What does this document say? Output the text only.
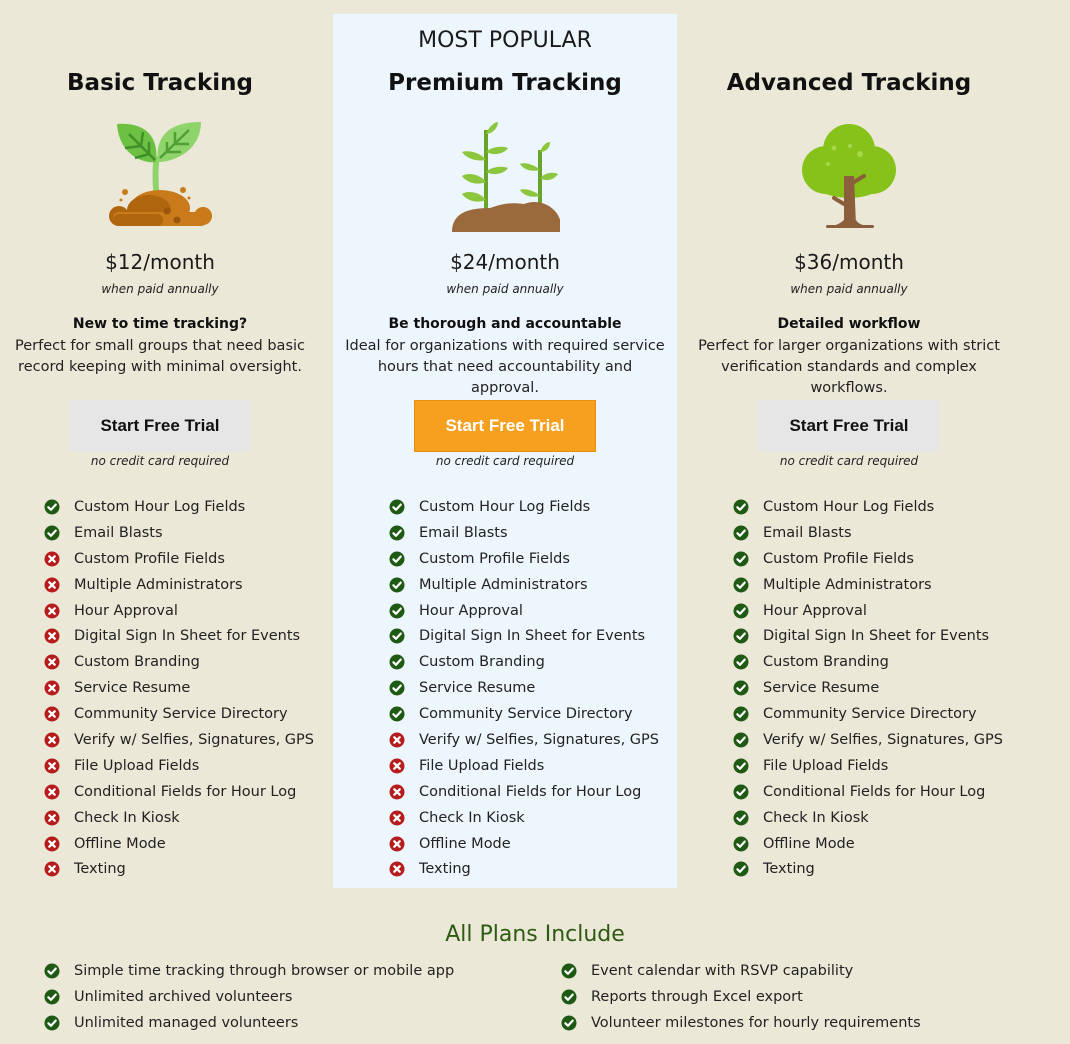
Basic Tracking
$12/month
when paid annually
New to time tracking?

Perfect for small groups that need basic record keeping with minimal oversight.

Start Free Trial
no credit card required
Custom Hour Log Fields
Email Blasts
Custom Profile Fields
Multiple Administrators
Hour Approval
Digital Sign In Sheet for Events
Custom Branding
Service Resume
Community Service Directory
Verify w/ Selfies, Signatures, GPS
File Upload Fields
Conditional Fields for Hour Log
Check In Kiosk
Offline Mode
Texting
MOST POPULAR
Premium Tracking
$24/month
when paid annually
Be thorough and accountable

Ideal for organizations with required service hours that need accountability and approval.

Start Free Trial
no credit card required
Custom Hour Log Fields
Email Blasts
Custom Profile Fields
Multiple Administrators
Hour Approval
Digital Sign In Sheet for Events
Custom Branding
Service Resume
Community Service Directory
Verify w/ Selfies, Signatures, GPS
File Upload Fields
Conditional Fields for Hour Log
Check In Kiosk
Offline Mode
Texting
Advanced Tracking
$36/month
when paid annually
Detailed workflow

Perfect for larger organizations with strict verification standards and complex workflows.

Start Free Trial
no credit card required
Custom Hour Log Fields
Email Blasts
Custom Profile Fields
Multiple Administrators
Hour Approval
Digital Sign In Sheet for Events
Custom Branding
Service Resume
Community Service Directory
Verify w/ Selfies, Signatures, GPS
File Upload Fields
Conditional Fields for Hour Log
Check In Kiosk
Offline Mode
Texting
All Plans Include
Simple time tracking through browser or mobile app
Unlimited archived volunteers
Unlimited managed volunteers
Event calendar with RSVP capability
Reports through Excel export
Volunteer milestones for hourly requirements
